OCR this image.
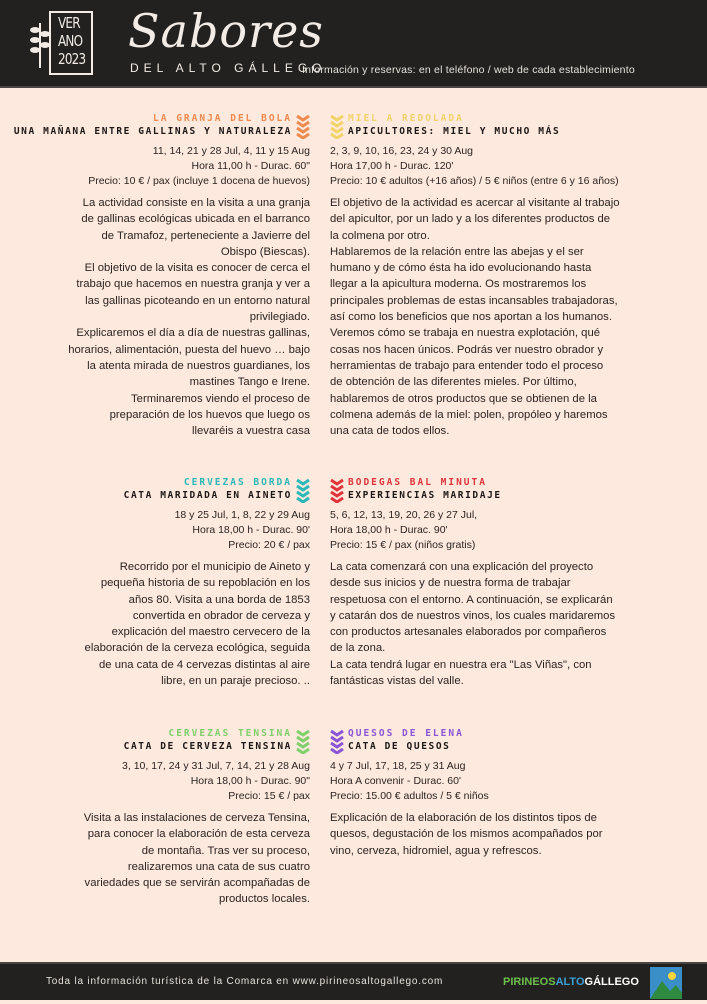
VER
ANO
2023
Sabores
DEL ALTO GÁLLEGO
Información y reservas: en el teléfono / web de cada establecimiento
LA GRANJA DEL BOLA
UNA MAÑANA ENTRE GALLINAS Y NATURALEZA
11, 14, 21 y 28 Jul, 4, 11 y 15 Aug
Hora 11,00 h - Durac. 60"
Precio: 10 € / pax (incluye 1 docena de huevos)
La actividad consiste en la visita a una granja
de gallinas ecológicas ubicada en el barranco
de Tramafoz, perteneciente a Javierre del
Obispo (Biescas).
El objetivo de la visita es conocer de cerca el
trabajo que hacemos en nuestra granja y ver a
las gallinas picoteando en un entorno natural
privilegiado.
Explicaremos el día a día de nuestras gallinas,
horarios, alimentación, puesta del huevo … bajo
la atenta mirada de nuestros guardianes, los
mastines Tango e Irene.
Terminaremos viendo el proceso de
preparación de los huevos que luego os
llevaréis a vuestra casa
MIEL A REDOLADA
APICULTORES: MIEL Y MUCHO MÁS
2, 3, 9, 10, 16, 23, 24 y 30 Aug
Hora 17,00 h - Durac. 120'
Precio: 10 € adultos (+16 años) / 5 € niños (entre 6 y 16 años)
El objetivo de la actividad es acercar al visitante al trabajo
del apicultor, por un lado y a los diferentes productos de
la colmena por otro.
Hablaremos de la relación entre las abejas y el ser
humano y de cómo ésta ha ido evolucionando hasta
llegar a la apicultura moderna. Os mostraremos los
principales problemas de estas incansables trabajadoras,
así como los beneficios que nos aportan a los humanos.
Veremos cómo se trabaja en nuestra explotación, qué
cosas nos hacen únicos. Podrás ver nuestro obrador y
herramientas de trabajo para entender todo el proceso
de obtención de las diferentes mieles. Por último,
hablaremos de otros productos que se obtienen de la
colmena además de la miel: polen, propóleo y haremos
una cata de todos ellos.
CERVEZAS BORDA
CATA MARIDADA EN AINETO
18 y 25 Jul, 1, 8, 22 y 29 Aug
Hora 18,00 h - Durac. 90'
Precio: 20 € / pax
Recorrido por el municipio de Aineto y
pequeña historia de su repoblación en los
años 80. Visita a una borda de 1853
convertida en obrador de cerveza y
explicación del maestro cervecero de la
elaboración de la cerveza ecológica, seguida
de una cata de 4 cervezas distintas al aire
libre, en un paraje precioso. ..
BODEGAS BAL MINUTA
EXPERIENCIAS MARIDAJE
5, 6, 12, 13, 19, 20, 26 y 27 Jul,
Hora 18,00 h - Durac. 90'
Precio: 15 € / pax (niños gratis)
La cata comenzará con una explicación del proyecto
desde sus inicios y de nuestra forma de trabajar
respetuosa con el entorno. A continuación, se explicarán
y catarán dos de nuestros vinos, los cuales maridaremos
con productos artesanales elaborados por compañeros
de la zona.
La cata tendrá lugar en nuestra era "Las Viñas", con
fantásticas vistas del valle.
CERVEZAS TENSINA
CATA DE CERVEZA TENSINA
3, 10, 17, 24 y 31 Jul, 7, 14, 21 y 28 Aug
Hora 18,00 h - Durac. 90"
Precio: 15 € / pax
Visita a las instalaciones de cerveza Tensina,
para conocer la elaboración de esta cerveza
de montaña. Tras ver su proceso,
realizaremos una cata de sus cuatro
variedades que se servirán acompañadas de
productos locales.
QUESOS DE ELENA
CATA DE QUESOS
4 y 7 Jul, 17, 18, 25 y 31 Aug
Hora A convenir - Durac. 60'
Precio: 15.00 € adultos / 5 € niños
Explicación de la elaboración de los distintos tipos de
quesos, degustación de los mismos acompañados por
vino, cerveza, hidromiel, agua y refrescos.
Toda la información turística de la Comarca en www.pirineosaltogallego.com	PIRINEOSALTOGÁLLEGO
